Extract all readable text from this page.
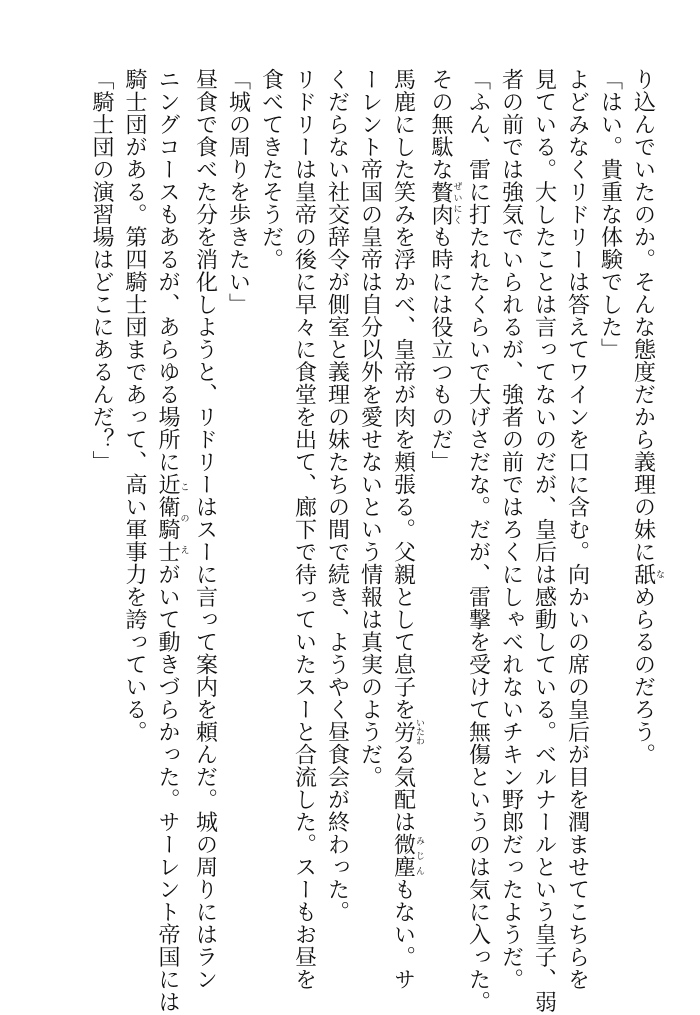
り込んでいたのか。そんな態度だから義理の妹に舐なめらるのだろう。

「はい。貴重な体験でした」

よどみなくリドリーは答えてワインを口に含む。向かいの席の皇后が目を潤ませてこちらを

見ている。大したことは言ってないのだが、皇后は感動している。ベルナールという皇子、弱

者の前では強気でいられるが、強者の前ではろくにしゃべれないチキン野郎だったようだ。

「ふん、雷に打たれたくらいで大げさだな。だが、雷撃を受けて無傷というのは気に入った。

その無駄な贅肉ぜいにくも時には役立つものだ」

馬鹿にした笑みを浮かべ、皇帝が肉を頬張る。父親として息子を労いたわる気配は微塵みじんもない。サ

ーレント帝国の皇帝は自分以外を愛せないという情報は真実のようだ。

くだらない社交辞令が側室と義理の妹たちの間で続き、ようやく昼食会が終わった。

リドリーは皇帝の後に早々に食堂を出て、廊下で待っていたスーと合流した。スーもお昼を

食べてきたそうだ。

「城の周りを歩きたい」

昼食で食べた分を消化しようと、リドリーはスーに言って案内を頼んだ。城の周りにはラン

ニングコースもあるが、あらゆる場所に近衛騎士このえがいて動きづらかった。サーレント帝国には

騎士団がある。第四騎士団まであって、高い軍事力を誇っている。

「騎士団の演習場はどこにあるんだ？」
